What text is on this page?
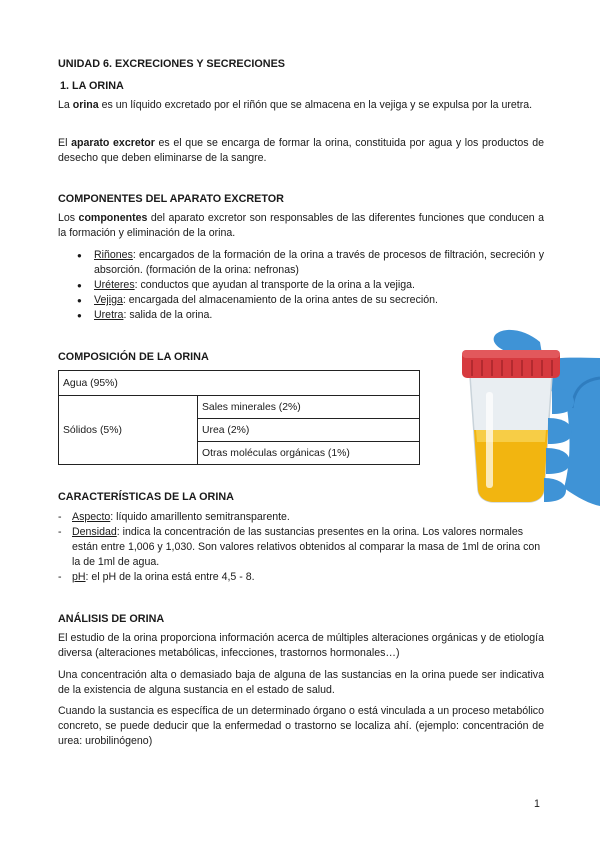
UNIDAD 6. EXCRECIONES Y SECRECIONES
1. LA ORINA

La orina es un líquido excretado por el riñón que se almacena en la vejiga y se expulsa por la uretra.

El aparato excretor es el que se encarga de formar la orina, constituida por agua y los productos de desecho que deben eliminarse de la sangre.

COMPONENTES DEL APARATO EXCRETOR

Los componentes del aparato excretor son responsables de las diferentes funciones que conducen a la formación y eliminación de la orina.

● Riñones: encargados de la formación de la orina a través de procesos de filtración, secreción y absorción. (formación de la orina: nefronas)
● Uréteres: conductos que ayudan al transporte de la orina a la vejiga.
● Vejiga: encargada del almacenamiento de la orina antes de su secreción.
● Uretra: salida de la orina.
COMPOSICIÓN DE LA ORINA
Agua (95%)
Sólidos (5%)	Sales minerales (2%)
Urea (2%)
Otras moléculas orgánicas (1%)
CARACTERÍSTICAS DE LA ORINA
- Aspecto: líquido amarillento semitransparente.
- Densidad: indica la concentración de las sustancias presentes en la orina. Los valores normales están entre 1,006 y 1,030. Son valores relativos obtenidos al comparar la masa de 1ml de orina con la de 1ml de agua.
- pH: el pH de la orina está entre 4,5 - 8.
ANÁLISIS DE ORINA

El estudio de la orina proporciona información acerca de múltiples alteraciones orgánicas y de etiología diversa (alteraciones metabólicas, infecciones, trastornos hormonales…)

Una concentración alta o demasiado baja de alguna de las sustancias en la orina puede ser indicativa de la existencia de alguna sustancia en el estado de salud.

Cuando la sustancia es específica de un determinado órgano o está vinculada a un proceso metabólico concreto, se puede deducir que la enfermedad o trastorno se localiza ahí. (ejemplo: concentración de urea: urobilinógeno)

1
